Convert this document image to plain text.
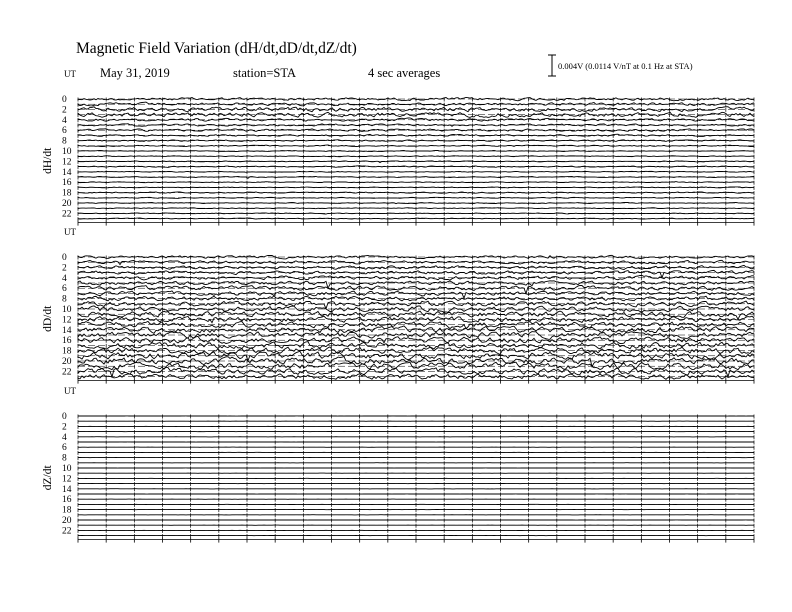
Magnetic Field Variation (dH/dt,dD/dt,dZ/dt)
May 31, 2019	station=STA	4 sec averages	0.004V (0.0114 V/nT at 0.1 Hz at STA)
UT
dH/dt
0
2
4
6
8
10
12
14
16
18
20
22
UT
dD/dt
0
2
4
6
8
10
12
14
16
18
20
22
UT
dZ/dt
0
2
4
6
8
10
12
14
16
18
20
22
